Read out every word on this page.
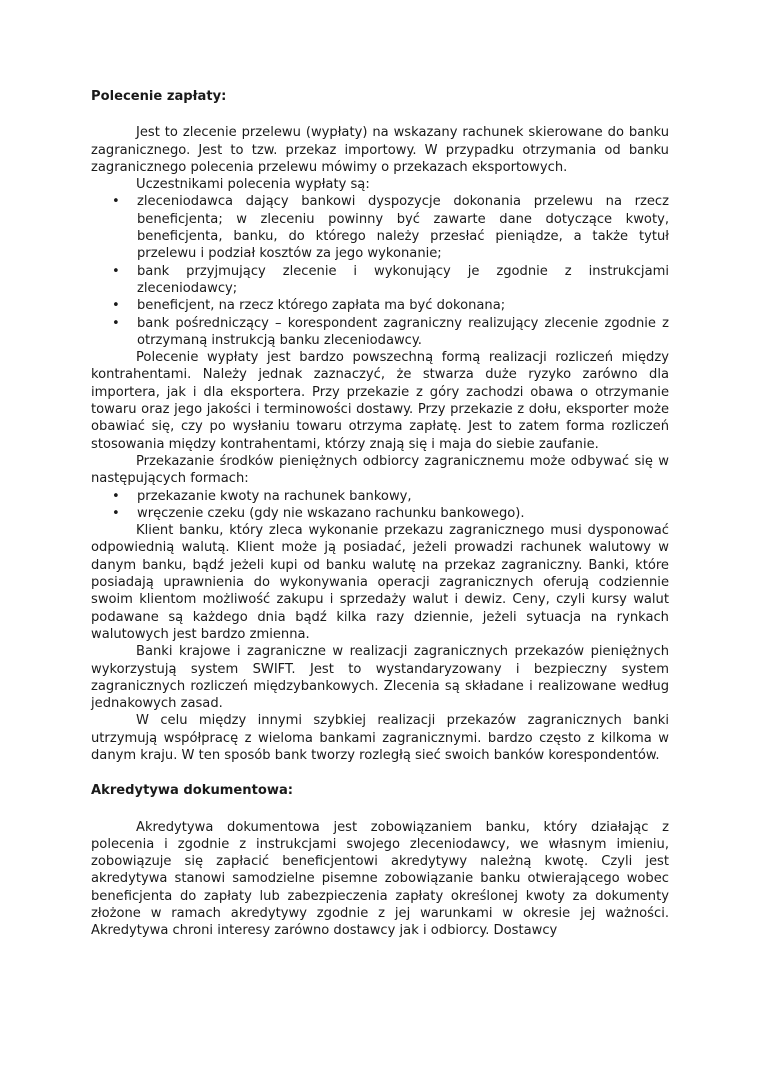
Polecenie zapłaty:

Jest to zlecenie przelewu (wypłaty) na wskazany rachunek skierowane do banku zagranicznego. Jest to tzw. przekaz importowy. W przypadku otrzymania od banku zagranicznego polecenia przelewu mówimy o przekazach eksportowych.

Uczestnikami polecenia wypłaty są:

• zleceniodawca dający bankowi dyspozycje dokonania przelewu na rzecz beneficjenta; w zleceniu powinny być zawarte dane dotyczące kwoty, beneficjenta, banku, do którego należy przesłać pieniądze, a także tytuł przelewu i podział kosztów za jego wykonanie;
• bank przyjmujący zlecenie i wykonujący je zgodnie z instrukcjami zleceniodawcy;
• beneficjent, na rzecz którego zapłata ma być dokonana;
• bank pośredniczący – korespondent zagraniczny realizujący zlecenie zgodnie z otrzymaną instrukcją banku zleceniodawcy.

Polecenie wypłaty jest bardzo powszechną formą realizacji rozliczeń między kontrahentami. Należy jednak zaznaczyć, że stwarza duże ryzyko zarówno dla importera, jak i dla eksportera. Przy przekazie z góry zachodzi obawa o otrzymanie towaru oraz jego jakości i terminowości dostawy. Przy przekazie z dołu, eksporter może obawiać się, czy po wysłaniu towaru otrzyma zapłatę. Jest to zatem forma rozliczeń stosowania między kontrahentami, którzy znają się i maja do siebie zaufanie.

Przekazanie środków pieniężnych odbiorcy zagranicznemu może odbywać się w następujących formach:

• przekazanie kwoty na rachunek bankowy,
• wręczenie czeku (gdy nie wskazano rachunku bankowego).

Klient banku, który zleca wykonanie przekazu zagranicznego musi dysponować odpowiednią walutą. Klient może ją posiadać, jeżeli prowadzi rachunek walutowy w danym banku, bądź jeżeli kupi od banku walutę na przekaz zagraniczny. Banki, które posiadają uprawnienia do wykonywania operacji zagranicznych oferują codziennie swoim klientom możliwość zakupu i sprzedaży walut i dewiz. Ceny, czyli kursy walut podawane są każdego dnia bądź kilka razy dziennie, jeżeli sytuacja na rynkach walutowych jest bardzo zmienna.

Banki krajowe i zagraniczne w realizacji zagranicznych przekazów pieniężnych wykorzystują system SWIFT. Jest to wystandaryzowany i bezpieczny system zagranicznych rozliczeń międzybankowych. Zlecenia są składane i realizowane według jednakowych zasad.

W celu między innymi szybkiej realizacji przekazów zagranicznych banki utrzymują współpracę z wieloma bankami zagranicznymi. bardzo często z kilkoma w danym kraju. W ten sposób bank tworzy rozległą sieć swoich banków korespondentów.

Akredytywa dokumentowa:

Akredytywa dokumentowa jest zobowiązaniem banku, który działając z polecenia i zgodnie z instrukcjami swojego zleceniodawcy, we własnym imieniu, zobowiązuje się zapłacić beneficjentowi akredytywy należną kwotę. Czyli jest akredytywa stanowi samodzielne pisemne zobowiązanie banku otwierającego wobec beneficjenta do zapłaty lub zabezpieczenia zapłaty określonej kwoty za dokumenty złożone w ramach akredytywy zgodnie z jej warunkami w okresie jej ważności. Akredytywa chroni interesy zarówno dostawcy jak i odbiorcy. Dostawcy
